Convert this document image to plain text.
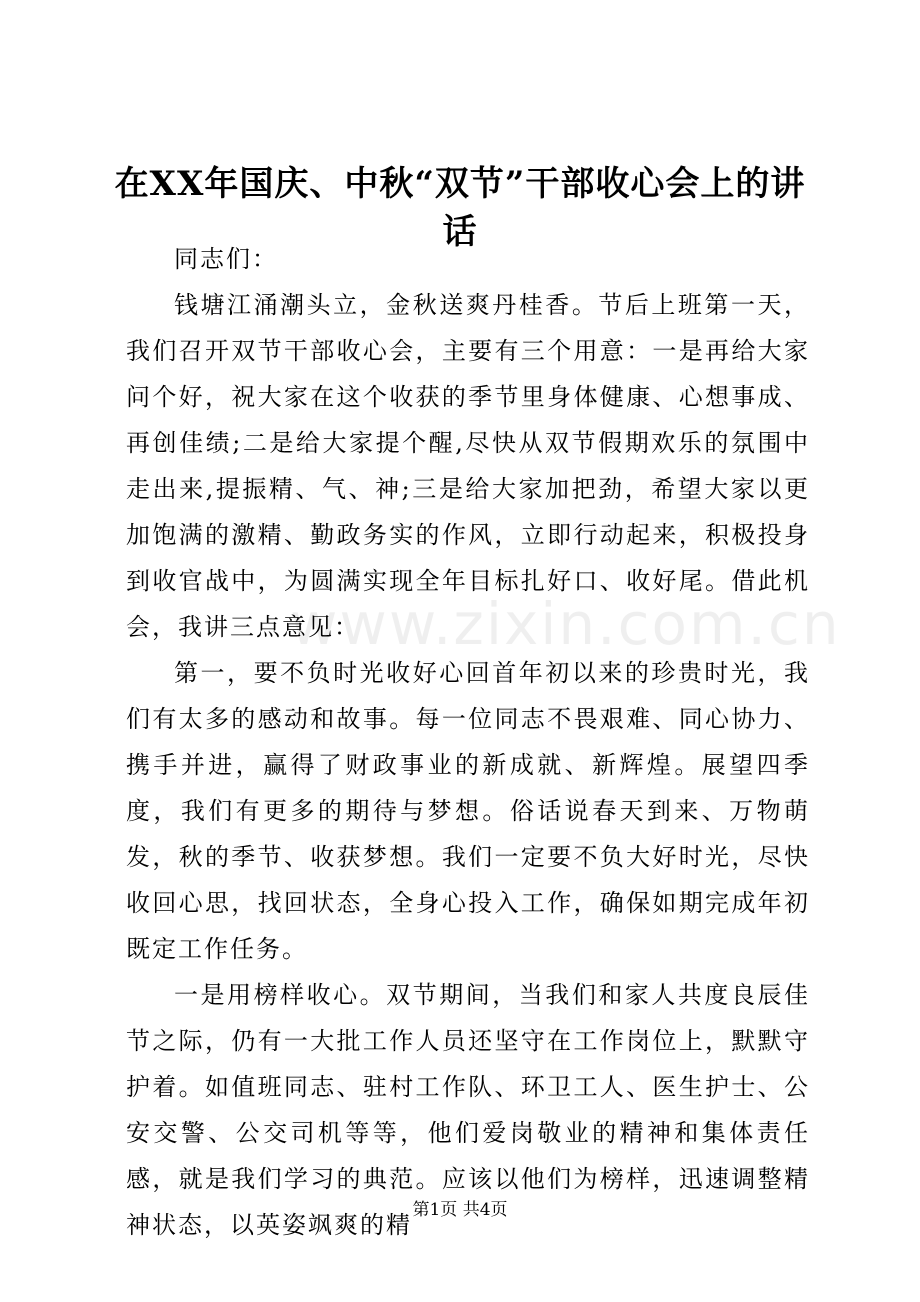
www.zixin.com.cn
在XX年国庆、中秋“双节”干部收心会上的讲话

同志们：

钱塘江涌潮头立，金秋送爽丹桂香。节后上班第一天，我们召开双节干部收心会，主要有三个用意：一是再给大家问个好，祝大家在这个收获的季节里身体健康、心想事成、再创佳绩;二是给大家提个醒,尽快从双节假期欢乐的氛围中走出来,提振精、气、神;三是给大家加把劲，希望大家以更加饱满的激精、勤政务实的作风，立即行动起来，积极投身到收官战中，为圆满实现全年目标扎好口、收好尾。借此机会，我讲三点意见：

第一，要不负时光收好心回首年初以来的珍贵时光，我们有太多的感动和故事。每一位同志不畏艰难、同心协力、携手并进，赢得了财政事业的新成就、新辉煌。展望四季度，我们有更多的期待与梦想。俗话说春天到来、万物萌发，秋的季节、收获梦想。我们一定要不负大好时光，尽快收回心思，找回状态，全身心投入工作，确保如期完成年初既定工作任务。

一是用榜样收心。双节期间，当我们和家人共度良辰佳节之际，仍有一大批工作人员还坚守在工作岗位上，默默守护着。如值班同志、驻村工作队、环卫工人、医生护士、公安交警、公交司机等等，他们爱岗敬业的精神和集体责任感，就是我们学习的典范。应该以他们为榜样，迅速调整精神状态，以英姿飒爽的精

第1页 共4页
